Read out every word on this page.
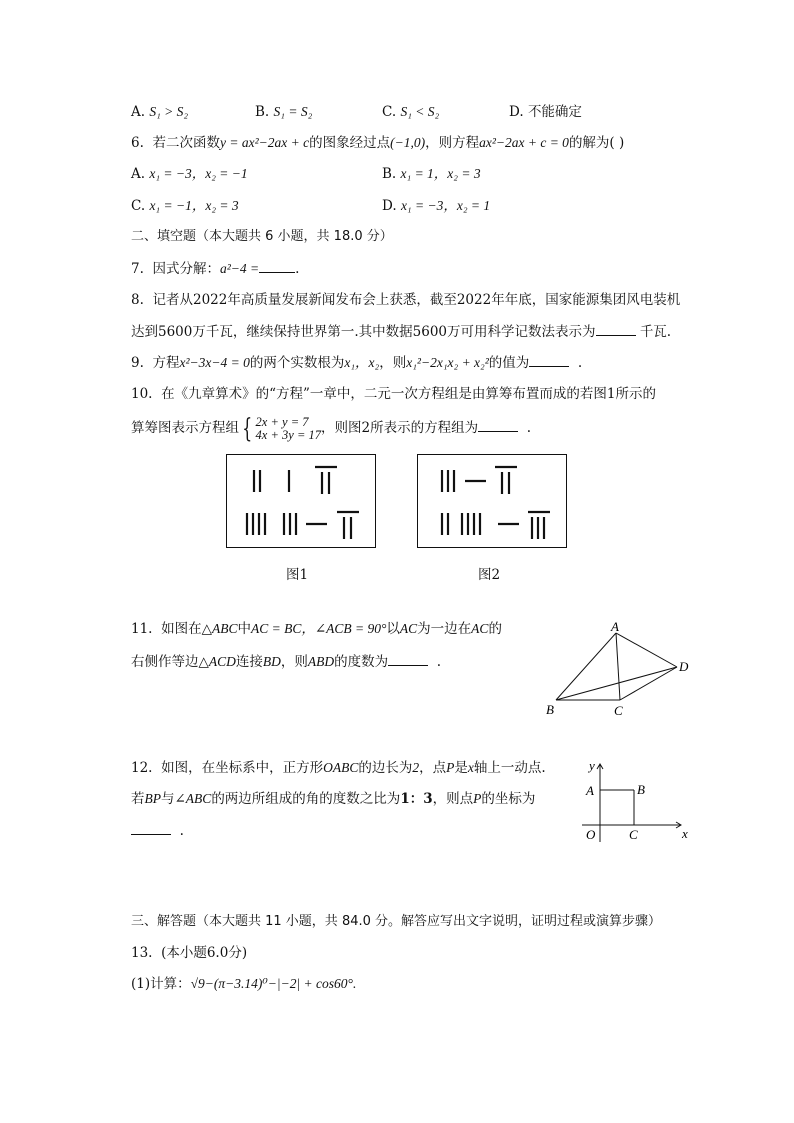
A. S₁ > S₂	B. S₁ = S₂	C. S₁ < S₂	D. 不能确定
6. 若二次函数y = ax²−2ax + c的图象经过点(−1,0)，则方程ax²−2ax + c = 0的解为( )
A. x₁ = −3，x₂ = −1	B. x₁ = 1，x₂ = 3
C. x₁ = −1，x₂ = 3	D. x₁ = −3，x₂ = 1
二、填空题（本大题共 6 小题，共 18.0 分）
7. 因式分解：a²−4 =	.
8. 记者从2022年高质量发展新闻发布会上获悉，截至2022年年底，国家能源集团风电装机
达到5600万千瓦，继续保持世界第一.其中数据5600万可用科学记数法表示为	千瓦.
9. 方程x²−3x−4 = 0的两个实数根为x₁，x₂，则x₁²−2x₁x₂ + x₂²的值为	.
10. 在《九章算术》的“方程”一章中，二元一次方程组是由算筹布置而成的若图1所示的
算筹图表示方程组 { 2x + y = 7
4x + 3y = 17 ，则图2所表示的方程组为	.
图1	图2
11. 如图在△ABC中AC = BC，∠ACB = 90°以AC为一边在AC的
右侧作等边△ACD连接BD，则ABD的度数为	.
A
B	C
D
12. 如图，在坐标系中，正方形OABC的边长为2，点P是x轴上一动点.
若BP与∠ABC的两边所组成的角的度数之比为1：3，则点P的坐标为
.
y
A	B
O	C	x
三、解答题（本大题共 11 小题，共 84.0 分。解答应写出文字说明，证明过程或演算步骤）
13. (本小题6.0分)
(1)计算：√9−(π−3.14)⁰−|−2| + cos60°.
